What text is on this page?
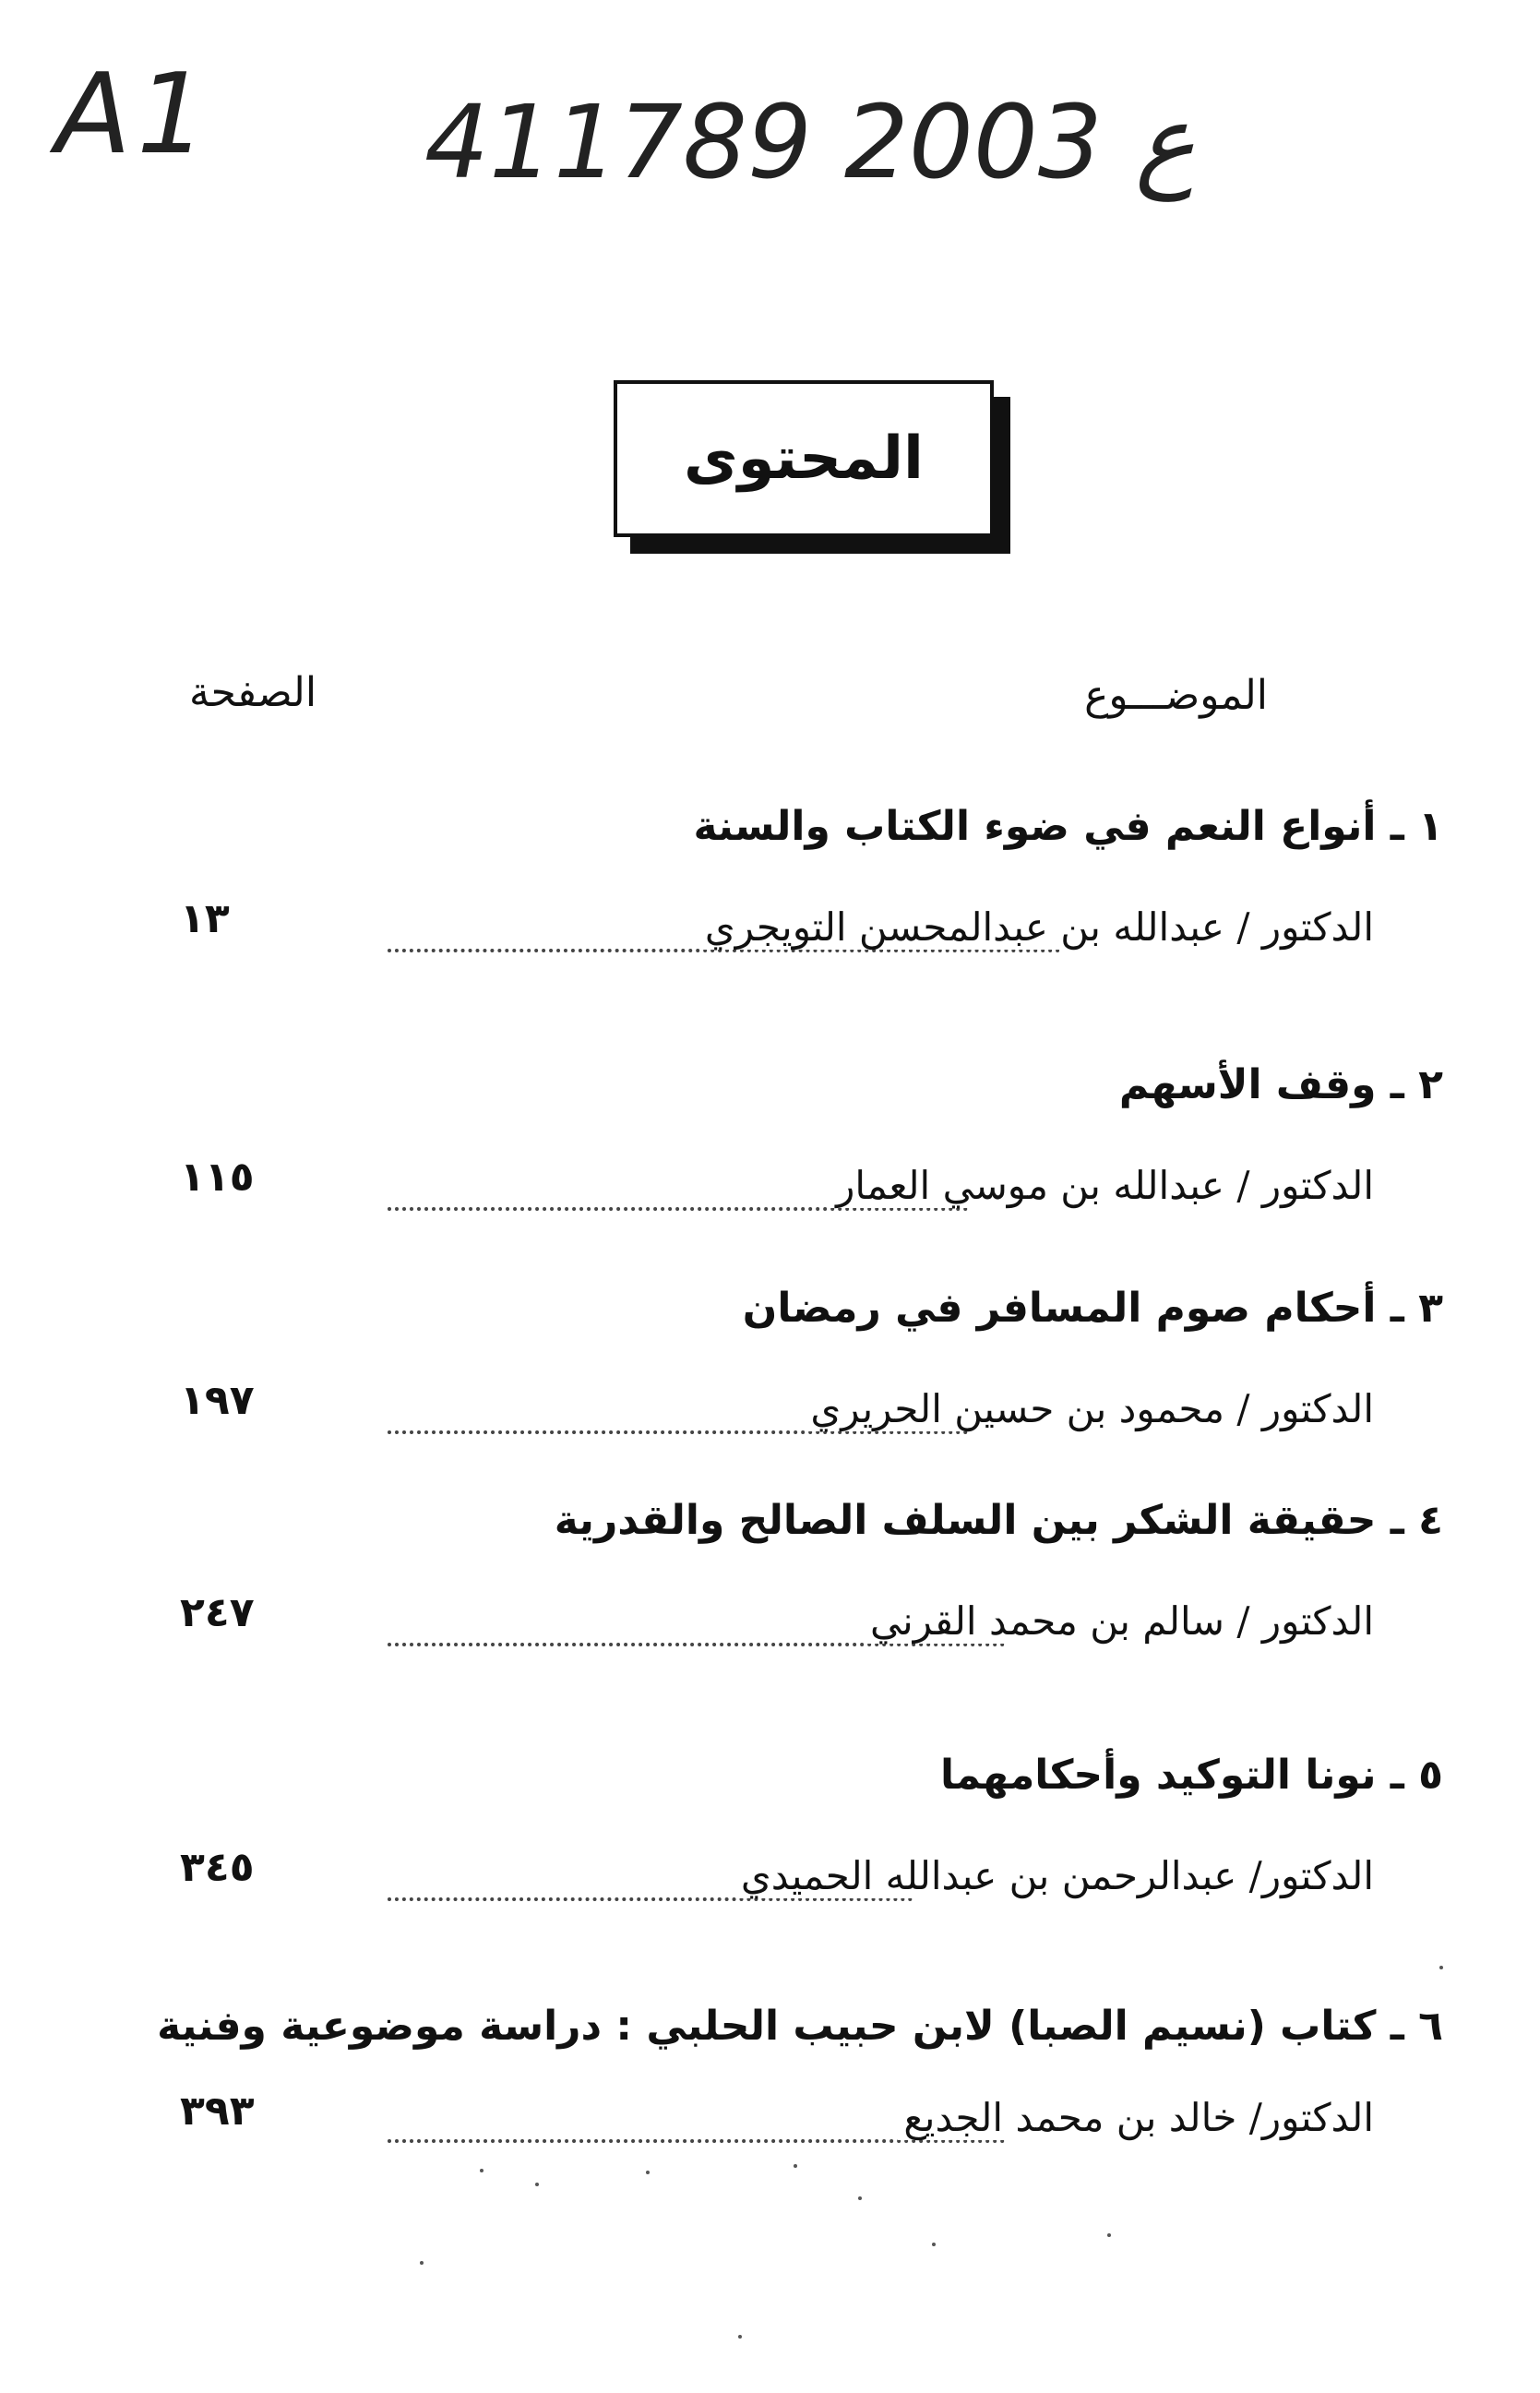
A1 41ع 2003 1789
المحتوى
الموضـــوع
الصفحة
١ ـ أنواع النعم في ضوء الكتاب والسنة
الدكتور / عبدالله بن عبدالمحسن التويجري
١٣
٢ ـ وقف الأسهم
الدكتور / عبدالله بن موسي العمار
١١٥
٣ ـ أحكام صوم المسافر في رمضان
الدكتور / محمود بن حسين الحريري
١٩٧
٤ ـ حقيقة الشكر بين السلف الصالح والقدرية
الدكتور / سالم بن محمد القرني
٢٤٧
٥ ـ نونا التوكيد وأحكامهما
الدكتور/ عبدالرحمن بن عبدالله الحميدي
٣٤٥
٦ ـ كتاب (نسيم الصبا) لابن حبيب الحلبي : دراسة موضوعية وفنية
الدكتور/ خالد بن محمد الجديع
٣٩٣
